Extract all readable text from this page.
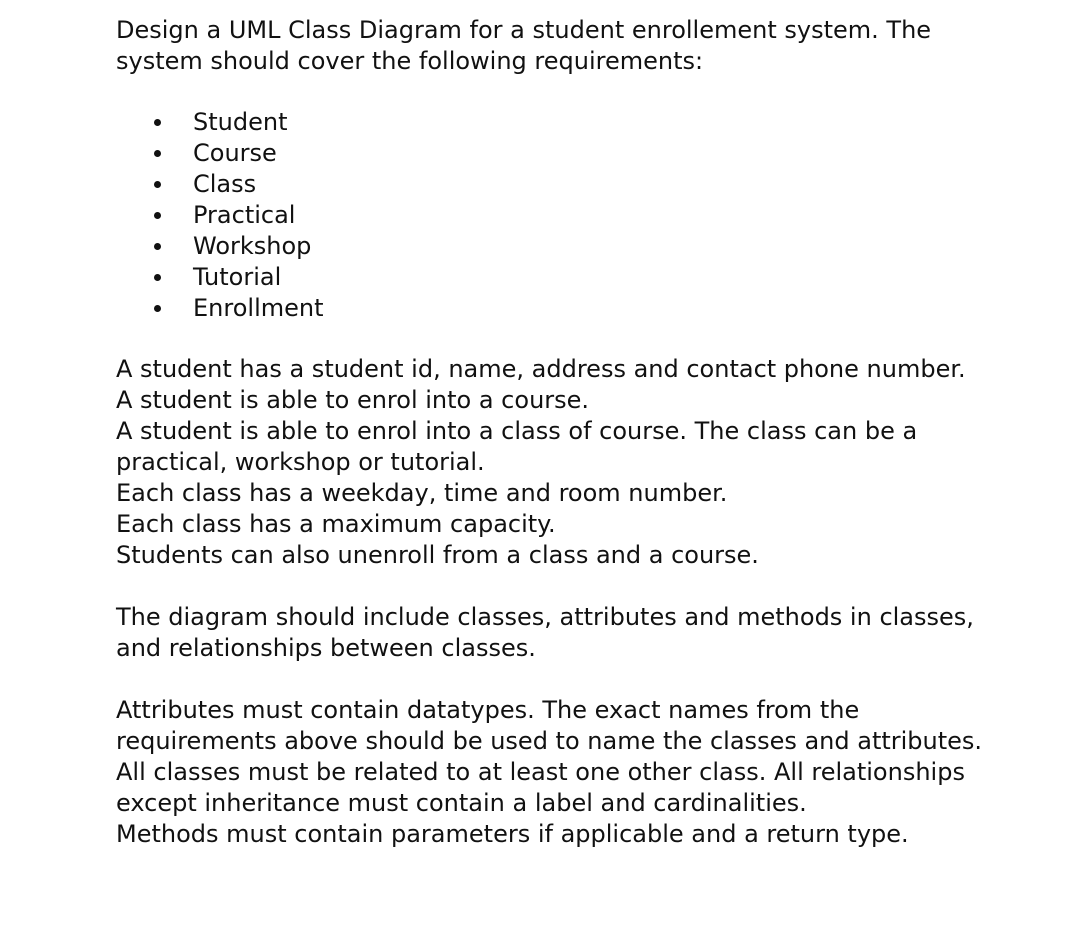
Design a UML Class Diagram for a student enrollement system. The
system should cover the following requirements:

Student
Course
Class
Practical
Workshop
Tutorial
Enrollment

A student has a student id, name, address and contact phone number.
A student is able to enrol into a course.
A student is able to enrol into a class of course. The class can be a
practical, workshop or tutorial.
Each class has a weekday, time and room number.
Each class has a maximum capacity.
Students can also unenroll from a class and a course.

The diagram should include classes, attributes and methods in classes,
and relationships between classes.

Attributes must contain datatypes. The exact names from the
requirements above should be used to name the classes and attributes.
All classes must be related to at least one other class. All relationships
except inheritance must contain a label and cardinalities.
Methods must contain parameters if applicable and a return type.
